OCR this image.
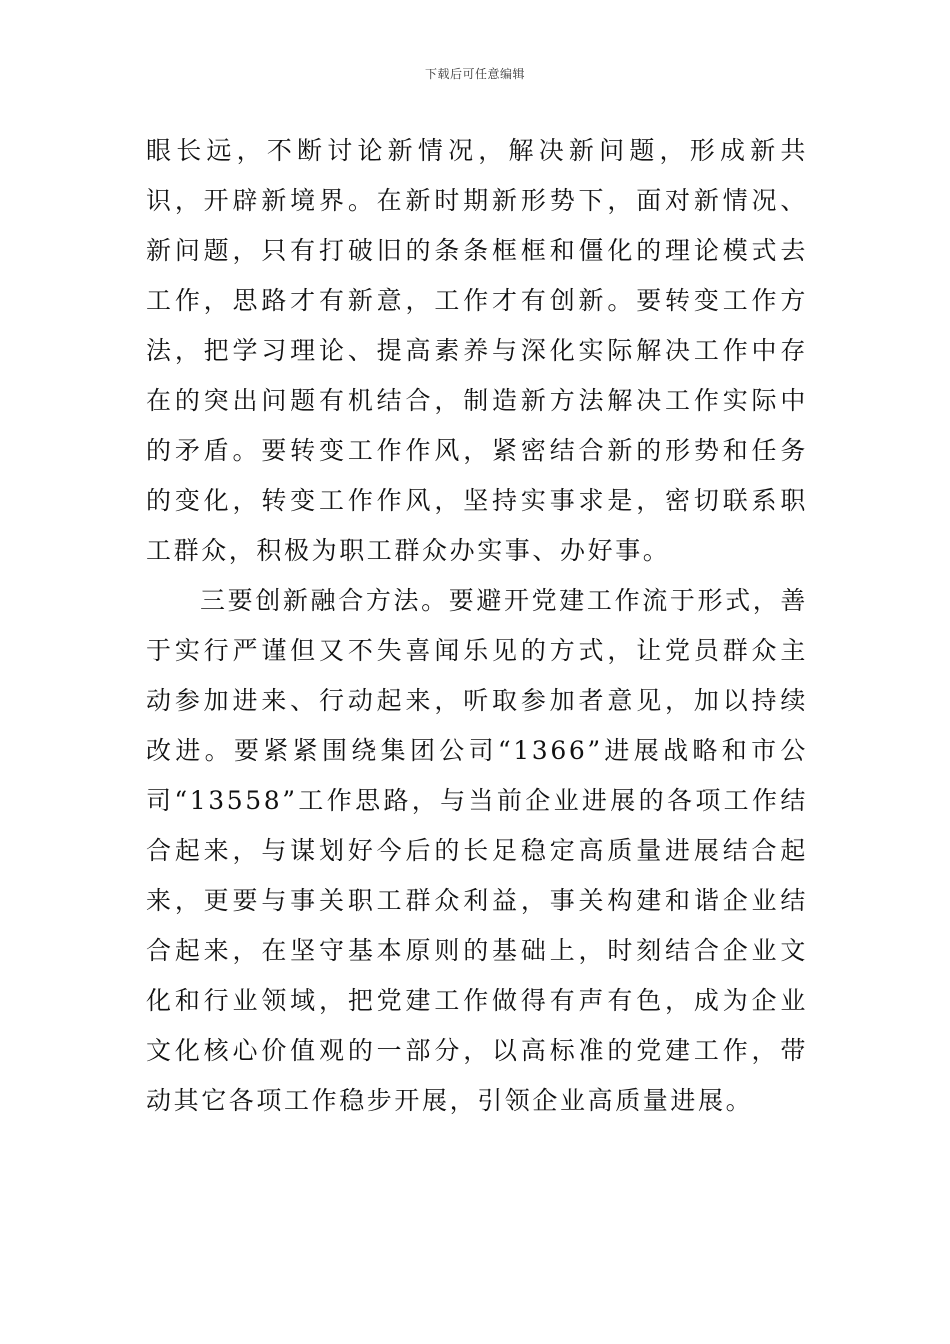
下载后可任意编辑

眼长远，不断讨论新情况，解决新问题，形成新共识，开辟新境界。在新时期新形势下，面对新情况、新问题，只有打破旧的条条框框和僵化的理论模式去工作，思路才有新意，工作才有创新。要转变工作方法，把学习理论、提高素养与深化实际解决工作中存在的突出问题有机结合，制造新方法解决工作实际中的矛盾。要转变工作作风，紧密结合新的形势和任务的变化，转变工作作风，坚持实事求是，密切联系职工群众，积极为职工群众办实事、办好事。

三要创新融合方法。要避开党建工作流于形式，善于实行严谨但又不失喜闻乐见的方式，让党员群众主动参加进来、行动起来，听取参加者意见，加以持续改进。要紧紧围绕集团公司“1366”进展战略和市公司“13558”工作思路，与当前企业进展的各项工作结合起来，与谋划好今后的长足稳定高质量进展结合起来，更要与事关职工群众利益，事关构建和谐企业结合起来，在坚守基本原则的基础上，时刻结合企业文化和行业领域，把党建工作做得有声有色，成为企业文化核心价值观的一部分，以高标准的党建工作，带动其它各项工作稳步开展，引领企业高质量进展。
